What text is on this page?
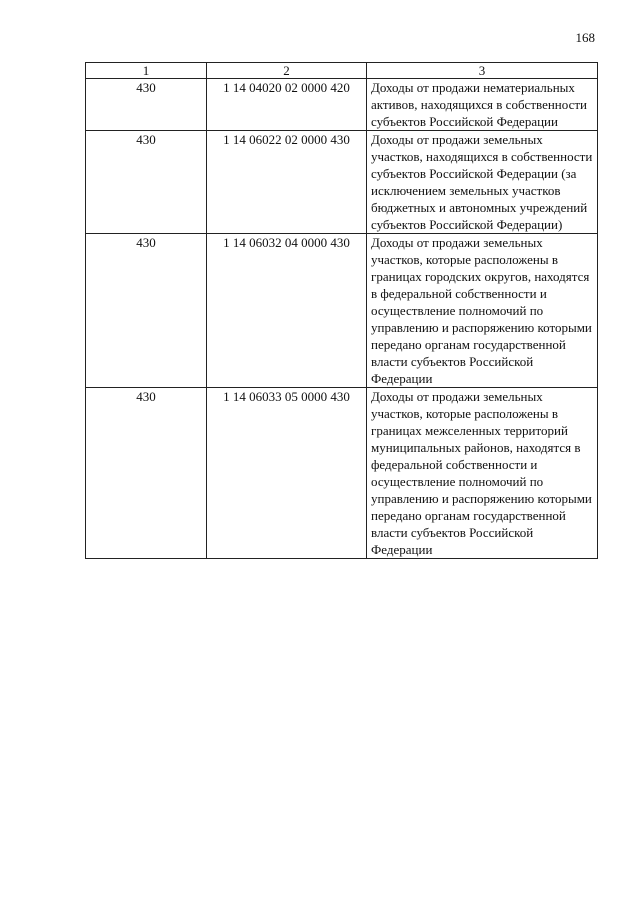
168
1	2	3
430	1 14 04020 02 0000 420	Доходы от продажи нематериальных активов, находящихся в собственности субъектов Российской Федерации
430	1 14 06022 02 0000 430	Доходы от продажи земельных участков, находящихся в собственности субъектов Российской Федерации (за исключением земельных участков бюджетных и автономных учреждений субъектов Российской Федерации)
430	1 14 06032 04 0000 430	Доходы от продажи земельных участков, которые расположены в границах городских округов, находятся в федеральной собственности и осуществление полномочий по управлению и распоряжению которыми передано органам государственной власти субъектов Российской Федерации
430	1 14 06033 05 0000 430	Доходы от продажи земельных участков, которые расположены в границах межселенных территорий муниципальных районов, находятся в федеральной собственности и осуществление полномочий по управлению и распоряжению которыми передано органам государственной власти субъектов Российской Федерации
